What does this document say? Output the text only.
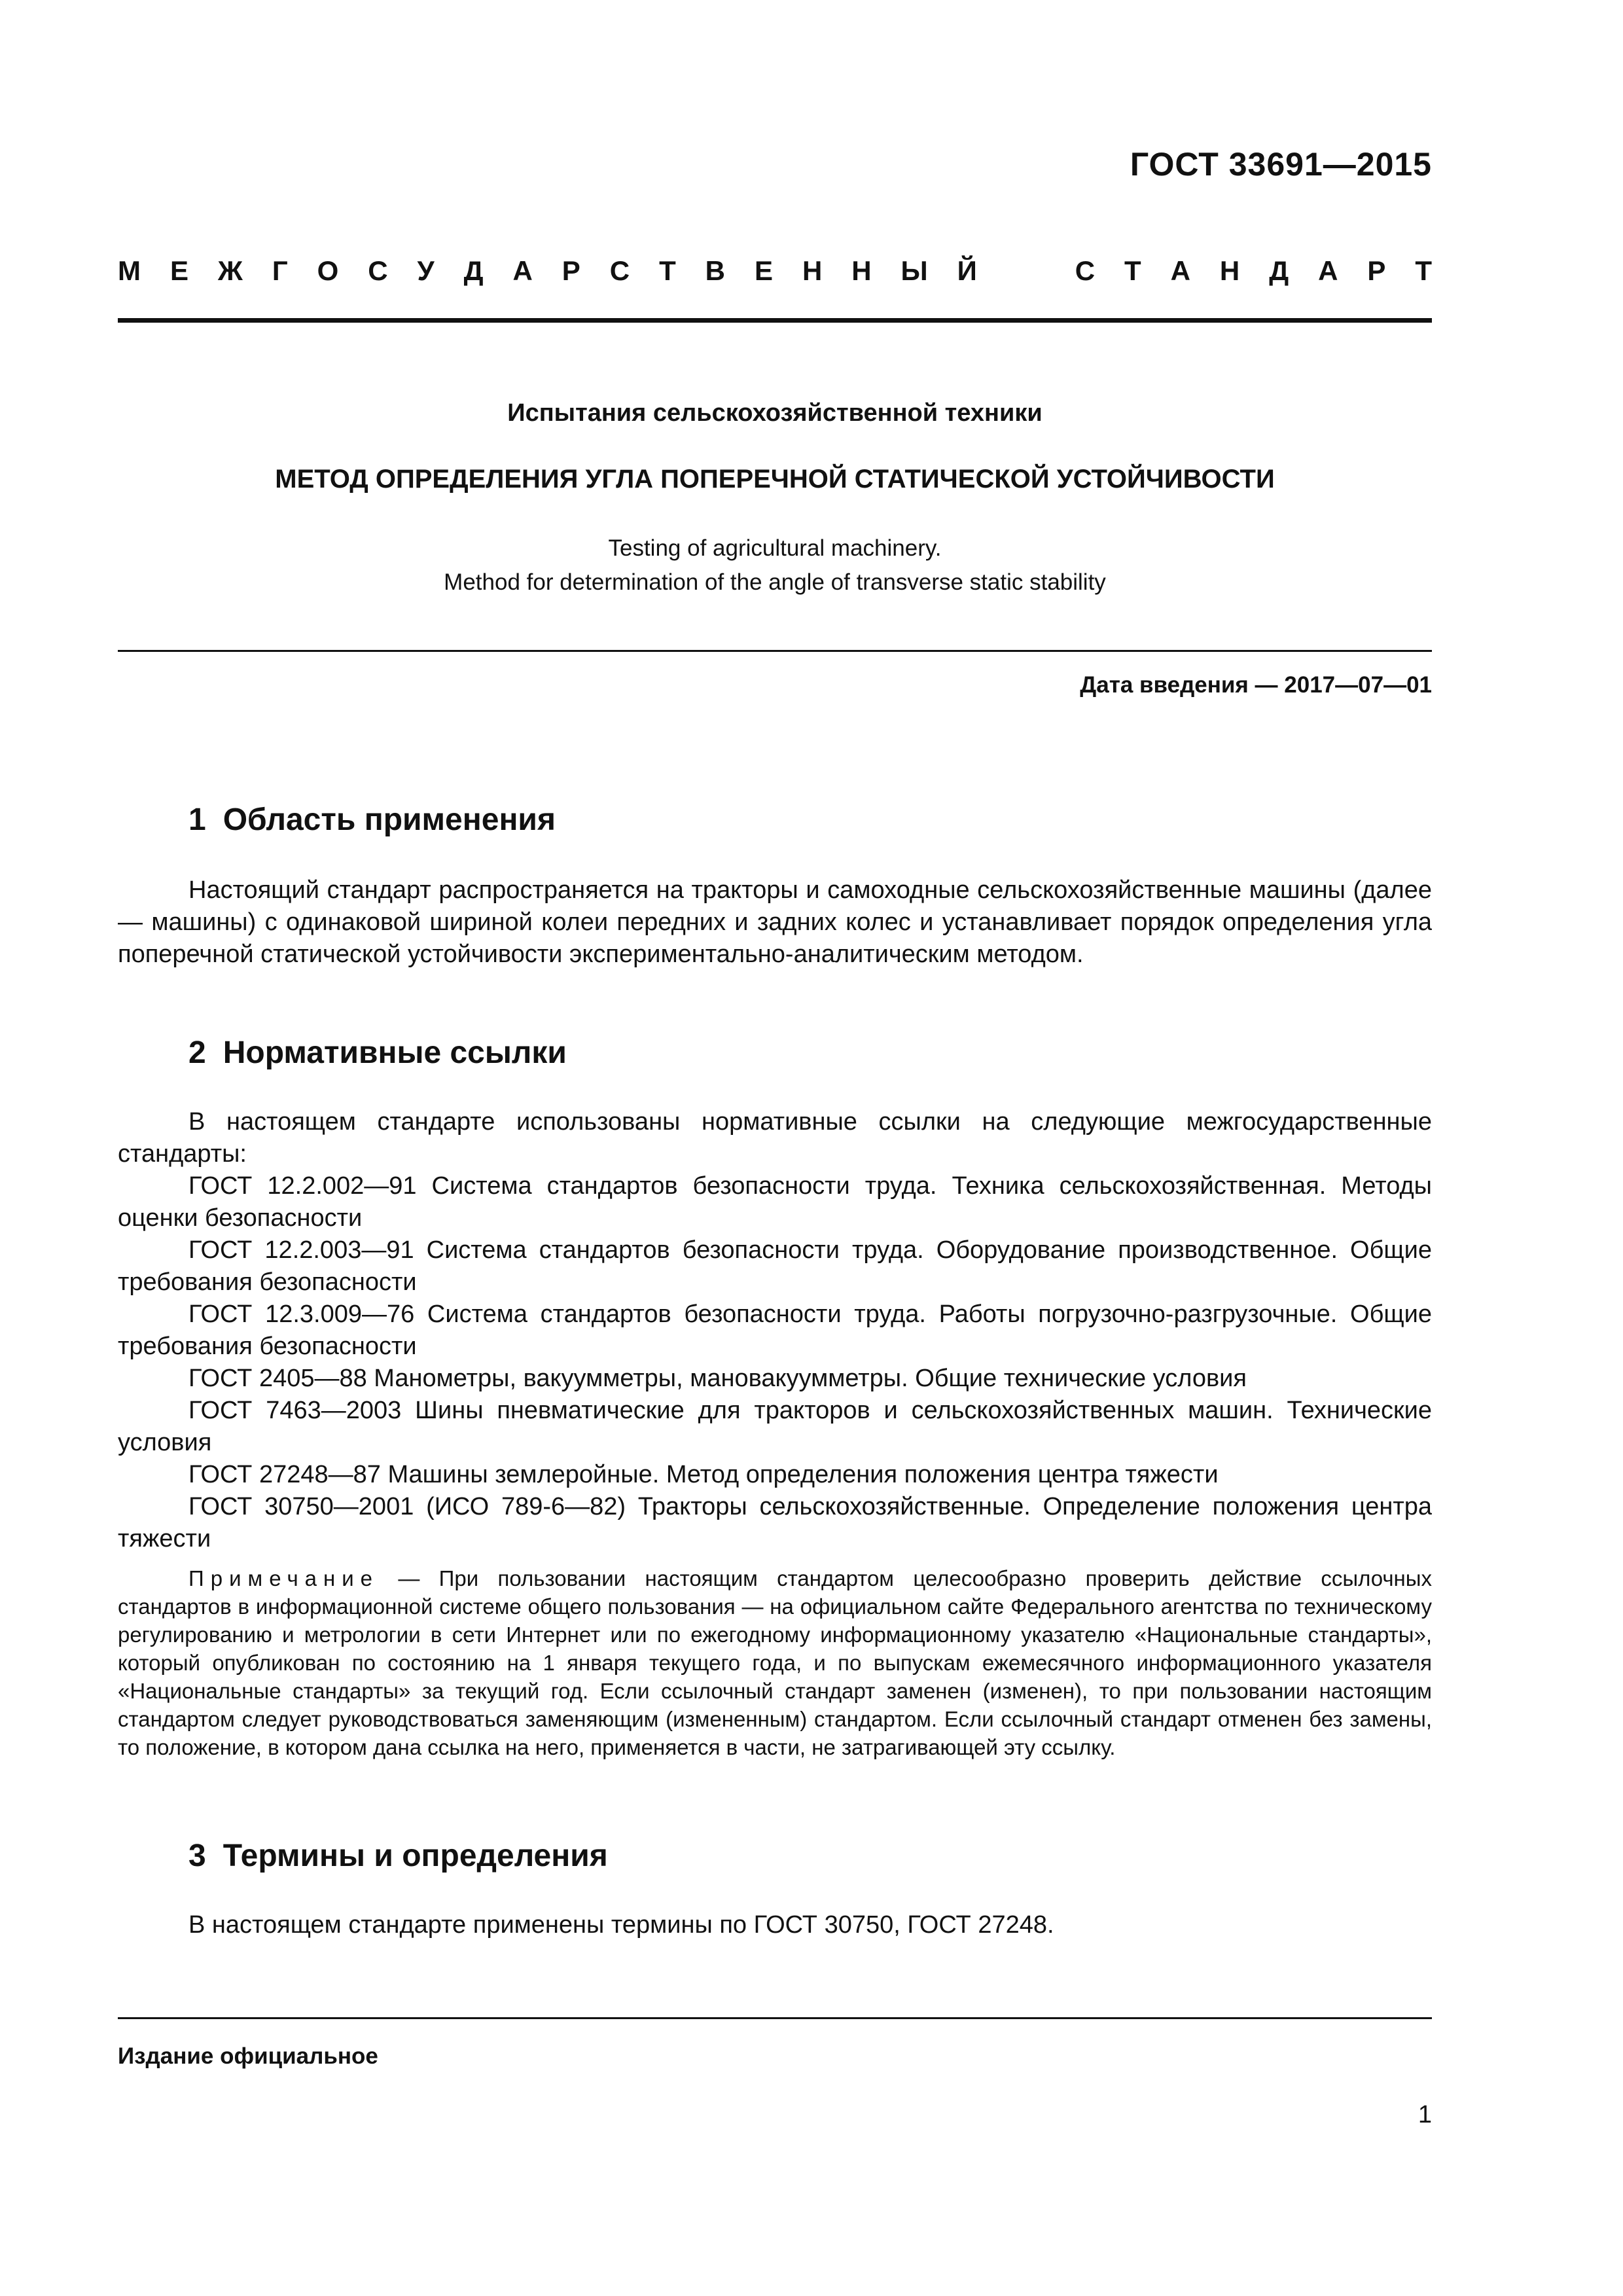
ГОСТ 33691—2015
М Е Ж Г О С У Д А Р С Т В Е Н Н Ы Й	С Т А Н Д А Р Т
Испытания сельскохозяйственной техники
МЕТОД ОПРЕДЕЛЕНИЯ УГЛА ПОПЕРЕЧНОЙ СТАТИЧЕСКОЙ УСТОЙЧИВОСТИ
Testing of agricultural machinery.
Method for determination of the angle of transverse static stability
Дата введения — 2017—07—01
1 Область применения
Настоящий стандарт распространяется на тракторы и самоходные сельскохозяйственные машины (далее — машины) с одинаковой шириной колеи передних и задних колес и устанавливает порядок определения угла поперечной статической устойчивости экспериментально-аналитическим методом.
2 Нормативные ссылки
В настоящем стандарте использованы нормативные ссылки на следующие межгосударственные стандарты:
ГОСТ 12.2.002—91 Система стандартов безопасности труда. Техника сельскохозяйственная. Методы оценки безопасности
ГОСТ 12.2.003—91 Система стандартов безопасности труда. Оборудование производственное. Общие требования безопасности
ГОСТ 12.3.009—76 Система стандартов безопасности труда. Работы погрузочно-разгрузочные. Общие требования безопасности
ГОСТ 2405—88 Манометры, вакуумметры, мановакуумметры. Общие технические условия
ГОСТ 7463—2003 Шины пневматические для тракторов и сельскохозяйственных машин. Технические условия
ГОСТ 27248—87 Машины землеройные. Метод определения положения центра тяжести
ГОСТ 30750—2001 (ИСО 789-6—82) Тракторы сельскохозяйственные. Определение положения центра тяжести
Примечание — При пользовании настоящим стандартом целесообразно проверить действие ссылочных стандартов в информационной системе общего пользования — на официальном сайте Федерального агентства по техническому регулированию и метрологии в сети Интернет или по ежегодному информационному указателю «Национальные стандарты», который опубликован по состоянию на 1 января текущего года, и по выпускам ежемесячного информационного указателя «Национальные стандарты» за текущий год. Если ссылочный стандарт заменен (изменен), то при пользовании настоящим стандартом следует руководствоваться заменяющим (измененным) стандартом. Если ссылочный стандарт отменен без замены, то положение, в котором дана ссылка на него, применяется в части, не затрагивающей эту ссылку.
3 Термины и определения
В настоящем стандарте применены термины по ГОСТ 30750, ГОСТ 27248.
Издание официальное
1
